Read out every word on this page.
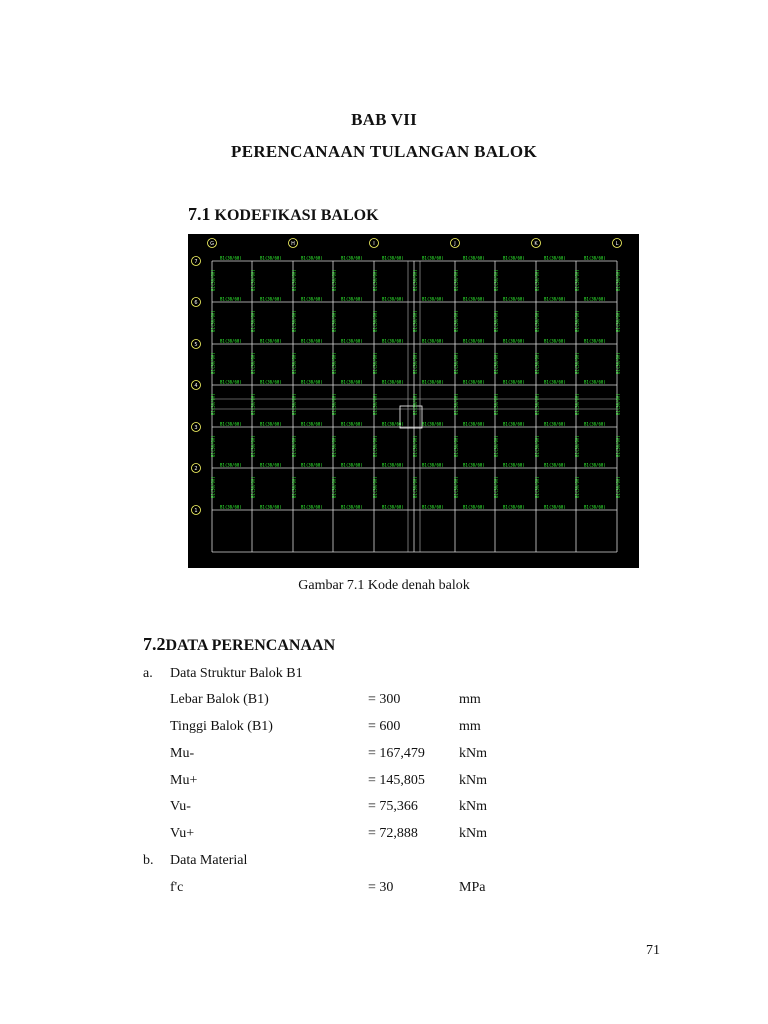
BAB VII
PERENCANAAN TULANGAN BALOK
7.1 KODEFIKASI BALOK
G	H	I	J	K	L
7
6
5
4
3
2
1
B1(30/60)	B1(30/60)	B1(30/60)	B1(30/60)	B1(30/60)	B1(30/60)	B1(30/60)	B1(30/60)	B1(30/60)	B1(30/60)
B1(30/60)	B1(30/60)	B1(30/60)	B1(30/60)	B1(30/60)	B1(30/60)	B1(30/60)	B1(30/60)	B1(30/60)	B1(30/60)
B1(30/60)	B1(30/60)	B1(30/60)	B1(30/60)	B1(30/60)	B1(30/60)	B1(30/60)	B1(30/60)	B1(30/60)	B1(30/60)
B1(30/60)	B1(30/60)	B1(30/60)	B1(30/60)	B1(30/60)	B1(30/60)	B1(30/60)	B1(30/60)	B1(30/60)	B1(30/60)
B1(30/60)	B1(30/60)	B1(30/60)	B1(30/60)	B1(30/60)	B1(30/60)	B1(30/60)	B1(30/60)	B1(30/60)	B1(30/60)
B1(30/60)	B1(30/60)	B1(30/60)	B1(30/60)	B1(30/60)	B1(30/60)	B1(30/60)	B1(30/60)	B1(30/60)	B1(30/60)
B1(30/60)	B1(30/60)	B1(30/60)	B1(30/60)	B1(30/60)	B1(30/60)	B1(30/60)	B1(30/60)	B1(30/60)	B1(30/60)
B1(30/60)	B1(30/60)	B1(30/60)	B1(30/60)	B1(30/60)	B1(30/60)	B1(30/60)	B1(30/60)	B1(30/60)	B1(30/60)	B1(30/60)
B1(30/60)	B1(30/60)	B1(30/60)	B1(30/60)	B1(30/60)	B1(30/60)	B1(30/60)	B1(30/60)	B1(30/60)	B1(30/60)	B1(30/60)
B1(30/60)	B1(30/60)	B1(30/60)	B1(30/60)	B1(30/60)	B1(30/60)	B1(30/60)	B1(30/60)	B1(30/60)	B1(30/60)	B1(30/60)
B1(30/60)	B1(30/60)	B1(30/60)	B1(30/60)	B1(30/60)	B1(30/60)	B1(30/60)	B1(30/60)	B1(30/60)	B1(30/60)	B1(30/60)
B1(30/60)	B1(30/60)	B1(30/60)	B1(30/60)	B1(30/60)	B1(30/60)	B1(30/60)	B1(30/60)	B1(30/60)	B1(30/60)	B1(30/60)
B1(30/60)	B1(30/60)	B1(30/60)	B1(30/60)	B1(30/60)	B1(30/60)	B1(30/60)	B1(30/60)	B1(30/60)	B1(30/60)	B1(30/60)
Gambar 7.1 Kode denah balok
7.2DATA PERENCANAAN
a. Data Struktur Balok B1
Lebar Balok (B1)	= 300	mm
Tinggi Balok (B1)	= 600	mm
Mu-	= 167,479 kNm
Mu+	= 145,805 kNm
Vu-	= 75,366	kNm
Vu+	= 72,888	kNm
b. Data Material
f'c	= 30	MPa
71
